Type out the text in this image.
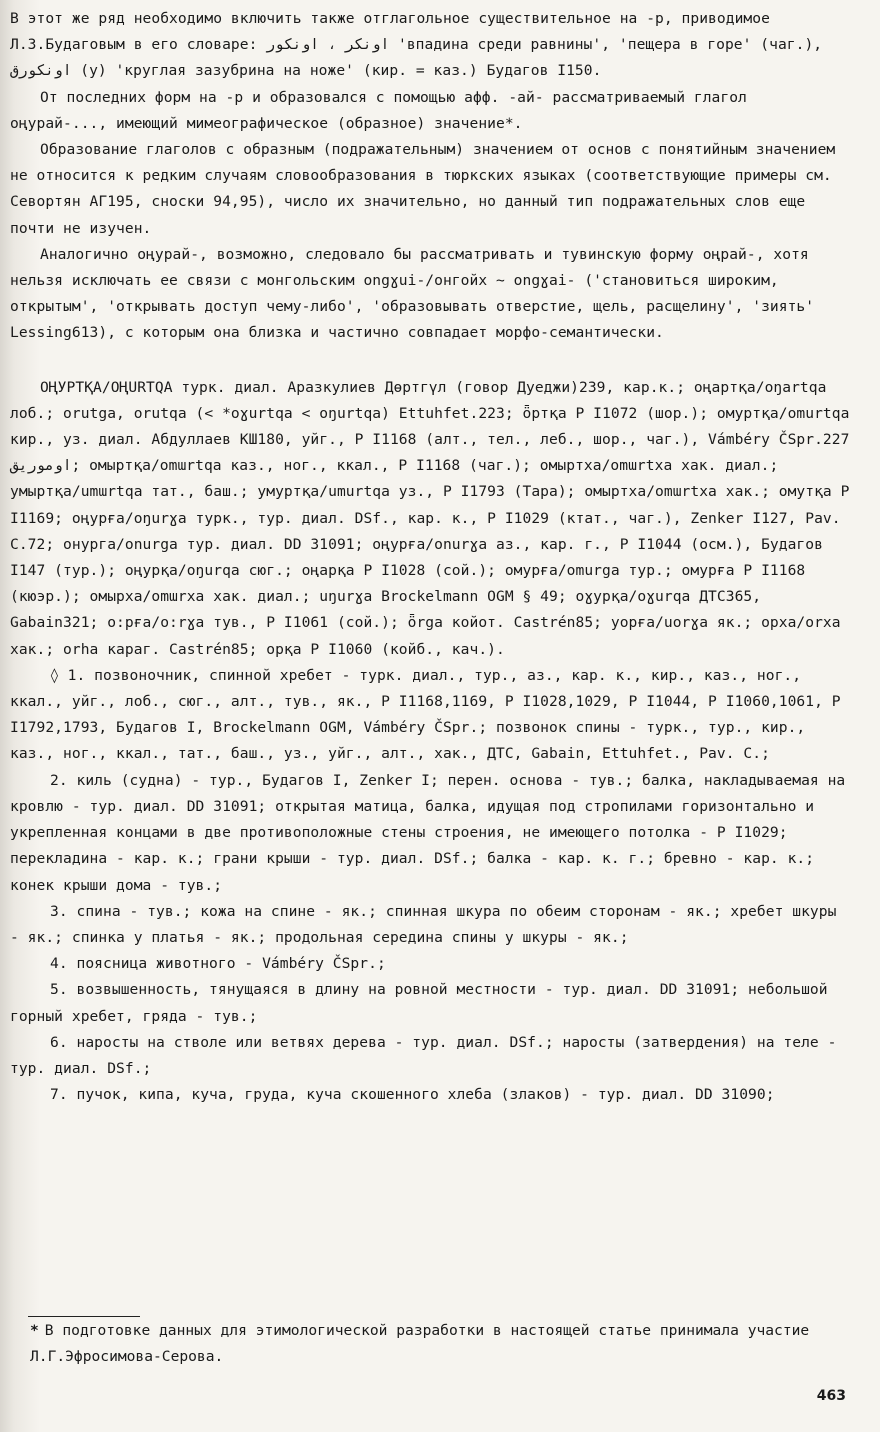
В этот же ряд необходимо включить также отглагольное существительное на -р, приводимое Л.З.Будаговым в его словаре: اونكر ، اونكور 'впадина среди равнины', 'пещера в горе' (чаг.), اونكورق (у) 'круглая зазубрина на ноже' (кир. = каз.) Будагов I150.

От последних форм на -р и образовался с помощью афф. -ай- рассматриваемый глагол оңурай-..., имеющий мимеографическое (образное) значение*.

Образование глаголов с образным (подражательным) значением от основ с понятийным значением не относится к редким случаям словообразования в тюркских языках (соответствующие примеры см. Севортян АГ195, сноски 94,95), число их значительно, но данный тип подражательных слов еще почти не изучен.

Аналогично оңурай-, возможно, следовало бы рассматривать и тувинскую форму оңрай-, хотя нельзя исключать ее связи с монгольским ongɣui-/онгойх ~ ongɣai- ('становиться широким, открытым', 'открывать доступ чему-либо', 'образовывать отверстие, щель, расщелину', 'зиять' Lessing613), с которым она близка и частично совпадает морфо-семантически.

ОҢУРТҚА/ОҢURTQA турк. диал. Аразкулиев Дөртгүл (говор Дуеджи)239, кар.к.; оңартқа/oŋartqa лоб.; orutga, orutqa (< *oɣurtqa < oŋurtqa) Ettuhfet.223; ȫртқа P I1072 (шор.); омуртқа/omurtqa кир., уз. диал. Абдуллаев КШ180, уйг., P I1168 (алт., тел., леб., шор., чаг.), Vámbéry ČSpr.227 اوموريق; омыртқа/omɯrtqa каз., ног., ккал., P I1168 (чаг.); омыртха/omɯrtxa хак. диал.; умыртқа/umɯrtqa тат., баш.; умуртқа/umurtqa уз., P I1793 (Тара); омыртха/omɯrtxa хак.; омутқа P I1169; оңурға/oŋurɣa турк., тур. диал. DSf., кар. к., P I1029 (ктат., чаг.), Zenker I127, Pav. C.72; онурга/onurga тур. диал. DD 31091; оңурға/onurɣa аз., кар. г., P I1044 (осм.), Будагов I147 (тур.); оңурқа/oŋurqa сюг.; оңарқа P I1028 (сой.); омурға/omurga тур.; омурға P I1168 (кюэр.); омырха/omɯrxa хак. диал.; uŋurɣa Brockelmann OGM § 49; оɣурқа/oɣurqa ДТС365, Gabain321; о:рға/o:rɣa тув., P I1061 (сой.); ȫrga койот. Castrén85; уорға/uorɣa як.; орха/orxa хак.; orha караг. Castrén85; орқа P I1060 (койб., кач.).

◊ 1. позвоночник, спинной хребет - турк. диал., тур., аз., кар. к., кир., каз., ног., ккал., уйг., лоб., сюг., алт., тув., як., P I1168,1169, P I1028,1029, P I1044, P I1060,1061, P I1792,1793, Будагов I, Brockelmann OGM, Vámbéry ČSpr.; позвонок спины - турк., тур., кир., каз., ног., ккал., тат., баш., уз., уйг., алт., хак., ДТС, Gabain, Ettuhfet., Pav. C.;

2. киль (судна) - тур., Будагов I, Zenker I; перен. основа - тув.; балка, накладываемая на кровлю - тур. диал. DD 31091; открытая матица, балка, идущая под стропилами горизонтально и укрепленная концами в две противоположные стены строения, не имеющего потолка - P I1029; перекладина - кар. к.; грани крыши - тур. диал. DSf.; балка - кар. к. г.; бревно - кар. к.; конек крыши дома - тув.;

3. спина - тув.; кожа на спине - як.; спинная шкура по обеим сторонам - як.; хребет шкуры - як.; спинка у платья - як.; продольная середина спины у шкуры - як.;

4. поясница животного - Vámbéry ČSpr.;

5. возвышенность, тянущаяся в длину на ровной местности - тур. диал. DD 31091; небольшой горный хребет, гряда - тув.;

6. наросты на стволе или ветвях дерева - тур. диал. DSf.; наросты (затвердения) на теле - тур. диал. DSf.;

7. пучок, кипа, куча, груда, куча скошенного хлеба (злаков) - тур. диал. DD 31090;

* В подготовке данных для этимологической разработки в настоящей статье принимала участие Л.Г.Эфросимова-Серова.
463
